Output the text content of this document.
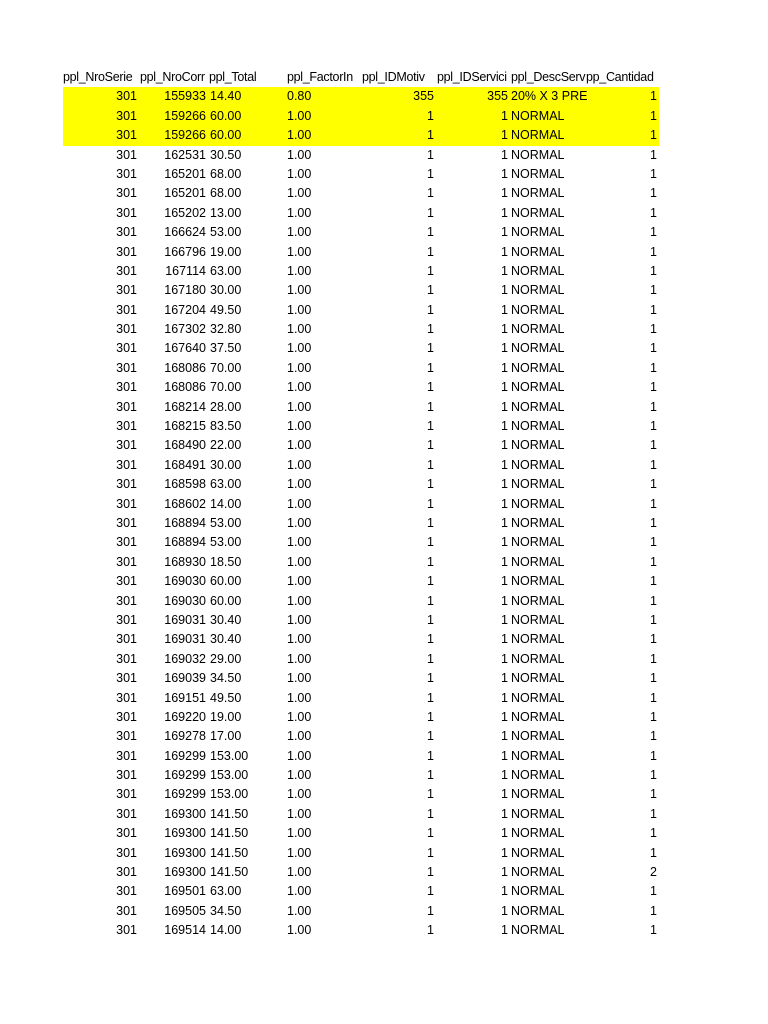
ppl_NroSerie ppl_NroCorr ppl_Total	ppl_FactorIn ppl_IDMotiv ppl_IDServici ppl_DescServ pp_Cantidad
301	155933 14.40	0.80	355	355 20% X 3 PRE	1
301	159266 60.00	1.00	1	1 NORMAL	1
301	159266 60.00	1.00	1	1 NORMAL	1
301	162531 30.50	1.00	1	1 NORMAL	1
301	165201 68.00	1.00	1	1 NORMAL	1
301	165201 68.00	1.00	1	1 NORMAL	1
301	165202 13.00	1.00	1	1 NORMAL	1
301	166624 53.00	1.00	1	1 NORMAL	1
301	166796 19.00	1.00	1	1 NORMAL	1
301	167114 63.00	1.00	1	1 NORMAL	1
301	167180 30.00	1.00	1	1 NORMAL	1
301	167204 49.50	1.00	1	1 NORMAL	1
301	167302 32.80	1.00	1	1 NORMAL	1
301	167640 37.50	1.00	1	1 NORMAL	1
301	168086 70.00	1.00	1	1 NORMAL	1
301	168086 70.00	1.00	1	1 NORMAL	1
301	168214 28.00	1.00	1	1 NORMAL	1
301	168215 83.50	1.00	1	1 NORMAL	1
301	168490 22.00	1.00	1	1 NORMAL	1
301	168491 30.00	1.00	1	1 NORMAL	1
301	168598 63.00	1.00	1	1 NORMAL	1
301	168602 14.00	1.00	1	1 NORMAL	1
301	168894 53.00	1.00	1	1 NORMAL	1
301	168894 53.00	1.00	1	1 NORMAL	1
301	168930 18.50	1.00	1	1 NORMAL	1
301	169030 60.00	1.00	1	1 NORMAL	1
301	169030 60.00	1.00	1	1 NORMAL	1
301	169031 30.40	1.00	1	1 NORMAL	1
301	169031 30.40	1.00	1	1 NORMAL	1
301	169032 29.00	1.00	1	1 NORMAL	1
301	169039 34.50	1.00	1	1 NORMAL	1
301	169151 49.50	1.00	1	1 NORMAL	1
301	169220 19.00	1.00	1	1 NORMAL	1
301	169278 17.00	1.00	1	1 NORMAL	1
301	169299 153.00	1.00	1	1 NORMAL	1
301	169299 153.00	1.00	1	1 NORMAL	1
301	169299 153.00	1.00	1	1 NORMAL	1
301	169300 141.50	1.00	1	1 NORMAL	1
301	169300 141.50	1.00	1	1 NORMAL	1
301	169300 141.50	1.00	1	1 NORMAL	1
301	169300 141.50	1.00	1	1 NORMAL	2
301	169501 63.00	1.00	1	1 NORMAL	1
301	169505 34.50	1.00	1	1 NORMAL	1
301	169514 14.00	1.00	1	1 NORMAL	1
